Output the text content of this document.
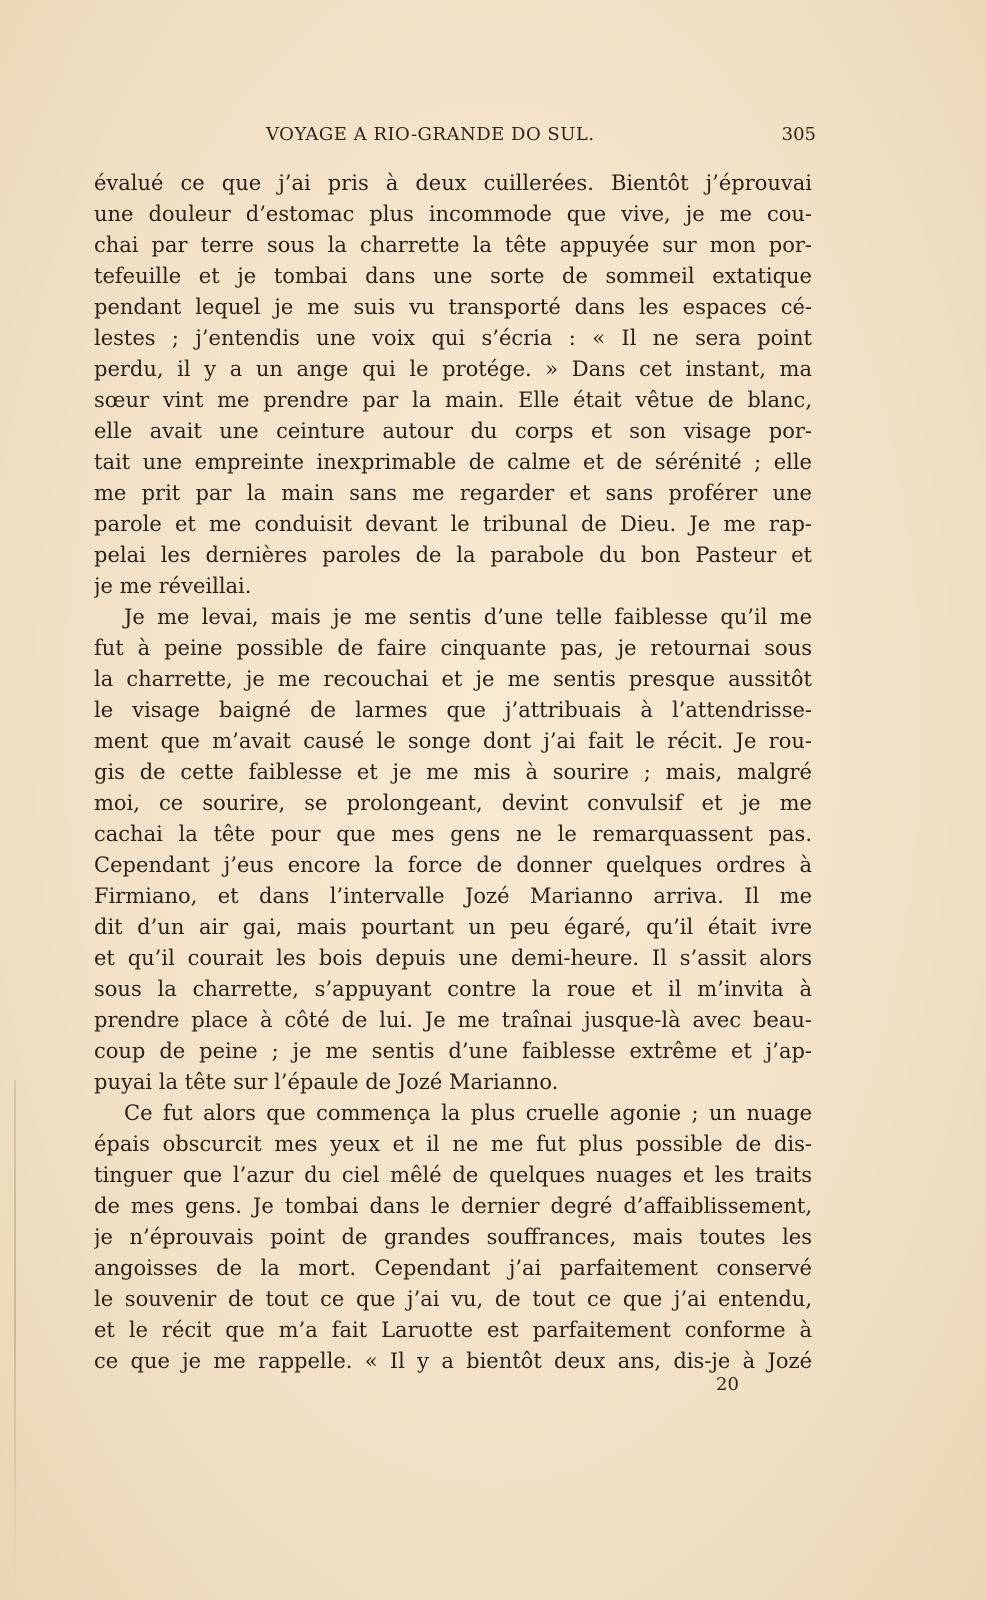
VOYAGE A RIO-GRANDE DO SUL.	305
évalué ce que j’ai pris à deux cuillerées. Bientôt j’éprouvai
une douleur d’estomac plus incommode que vive, je me cou-
chai par terre sous la charrette la tête appuyée sur mon por-
tefeuille et je tombai dans une sorte de sommeil extatique
pendant lequel je me suis vu transporté dans les espaces cé-
lestes ; j’entendis une voix qui s’écria : « Il ne sera point
perdu, il y a un ange qui le protége. » Dans cet instant, ma
sœur vint me prendre par la main. Elle était vêtue de blanc,
elle avait une ceinture autour du corps et son visage por-
tait une empreinte inexprimable de calme et de sérénité ; elle
me prit par la main sans me regarder et sans proférer une
parole et me conduisit devant le tribunal de Dieu. Je me rap-
pelai les dernières paroles de la parabole du bon Pasteur et
je me réveillai.
Je me levai, mais je me sentis d’une telle faiblesse qu’il me
fut à peine possible de faire cinquante pas, je retournai sous
la charrette, je me recouchai et je me sentis presque aussitôt
le visage baigné de larmes que j’attribuais à l’attendrisse-
ment que m’avait causé le songe dont j’ai fait le récit. Je rou-
gis de cette faiblesse et je me mis à sourire ; mais, malgré
moi, ce sourire, se prolongeant, devint convulsif et je me
cachai la tête pour que mes gens ne le remarquassent pas.
Cependant j’eus encore la force de donner quelques ordres à
Firmiano, et dans l’intervalle Jozé Marianno arriva. Il me
dit d’un air gai, mais pourtant un peu égaré, qu’il était ivre
et qu’il courait les bois depuis une demi-heure. Il s’assit alors
sous la charrette, s’appuyant contre la roue et il m’invita à
prendre place à côté de lui. Je me traînai jusque-là avec beau-
coup de peine ; je me sentis d’une faiblesse extrême et j’ap-
puyai la tête sur l’épaule de Jozé Marianno.
Ce fut alors que commença la plus cruelle agonie ; un nuage
épais obscurcit mes yeux et il ne me fut plus possible de dis-
tinguer que l’azur du ciel mêlé de quelques nuages et les traits
de mes gens. Je tombai dans le dernier degré d’affaiblissement,
je n’éprouvais point de grandes souffrances, mais toutes les
angoisses de la mort. Cependant j’ai parfaitement conservé
le souvenir de tout ce que j’ai vu, de tout ce que j’ai entendu,
et le récit que m’a fait Laruotte est parfaitement conforme à
ce que je me rappelle. « Il y a bientôt deux ans, dis-je à Jozé
20
